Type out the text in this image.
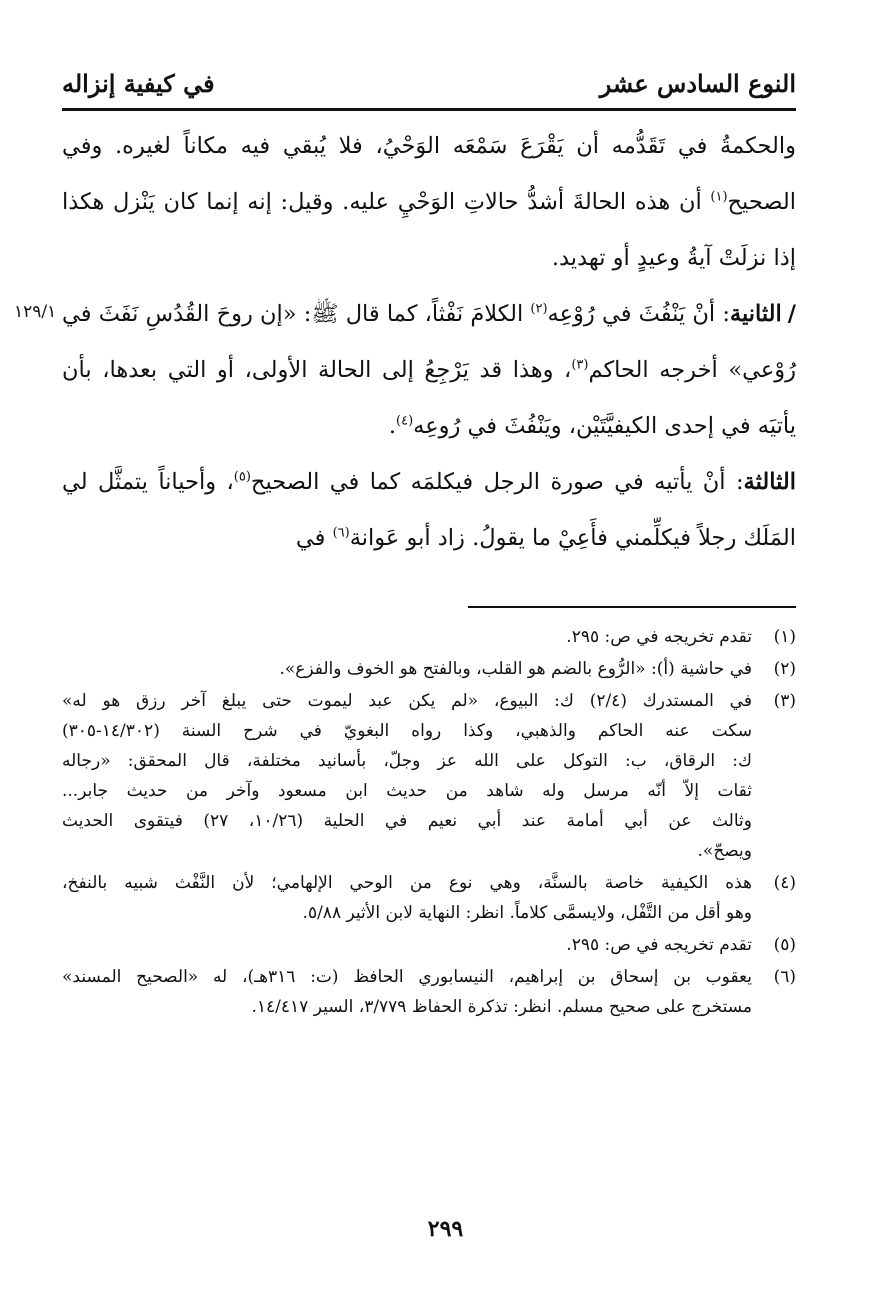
النوع السادس عشر
في كيفية إنزاله
١٢٩/١

والحكمةُ في تَقَدُّمه أن يَقْرَعَ سَمْعَه الوَحْيُ، فلا يُبقي فيه مكاناً لغيره. وفي الصحيح$^{(١)}$ أن هذه الحالةَ أشدُّ حالاتِ الوَحْيِ عليه. وقيل: إنه إنما كان يَنْزل هكذا إذا نزلَتْ آيةُ وعيدٍ أو تهديد.

/الثانية: أنْ يَنْفُثَ في رُوْعِه$^{(٢)}$ الكلامَ نَفْثاً، كما قال ﷺ: «إن روحَ القُدُسِ نَفَثَ في رُوْعي» أخرجه الحاكم$^{(٣)}$، وهذا قد يَرْجِعُ إلى الحالة الأولى، أو التي بعدها، بأن يأتيَه في إحدى الكيفيَّتَيْن، ويَنْفُثَ في رُوعِه$^{(٤)}$.

الثالثة: أنْ يأتيه في صورة الرجل فيكلمَه كما في الصحيح$^{(٥)}$، وأحياناً يتمثَّل لي المَلَك رجلاً فيكلِّمني فأَعِيْ ما يقولُ. زاد أبو عَوانة$^{(٦)}$ في

(١)
تقدم تخريجه في ص: ٢٩٥.
(٢)
في حاشية (أ): «الرُّوع بالضم هو القلب، وبالفتح هو الخوف والفزع».
(٣)
في المستدرك (٢/٤) ك: البيوع، «لم يكن عبد ليموت حتى يبلغ آخر رزق هو له»
سكت عنه الحاكم والذهبي، وكذا رواه البغويّ في شرح السنة (١٤/٣٠٢-٣٠٥)
ك: الرقاق، ب: التوكل على الله عز وجلّ، بأسانيد مختلفة، قال المحقق: «رجاله
ثقات إلاّ أنّه مرسل وله شاهد من حديث ابن مسعود وآخر من حديث جابر...
وثالث عن أبي أمامة عند أبي نعيم في الحلية (١٠/٢٦، ٢٧) فيتقوى الحديث
ويصحّ».
(٤)
هذه الكيفية خاصة بالسنَّة، وهي نوع من الوحي الإلهامي؛ لأن النَّفْث شبيه بالنفخ،
وهو أقل من التَّفْل، ولايسمَّى كلاماً. انظر: النهاية لابن الأثير ٥/٨٨.
(٥)
تقدم تخريجه في ص: ٢٩٥.
(٦)
يعقوب بن إسحاق بن إبراهيم، النيسابوري الحافظ (ت: ٣١٦هـ)، له «الصحيح المسند»
مستخرج على صحيح مسلم. انظر: تذكرة الحفاظ ٣/٧٧٩، السير ١٤/٤١٧.
٢٩٩
